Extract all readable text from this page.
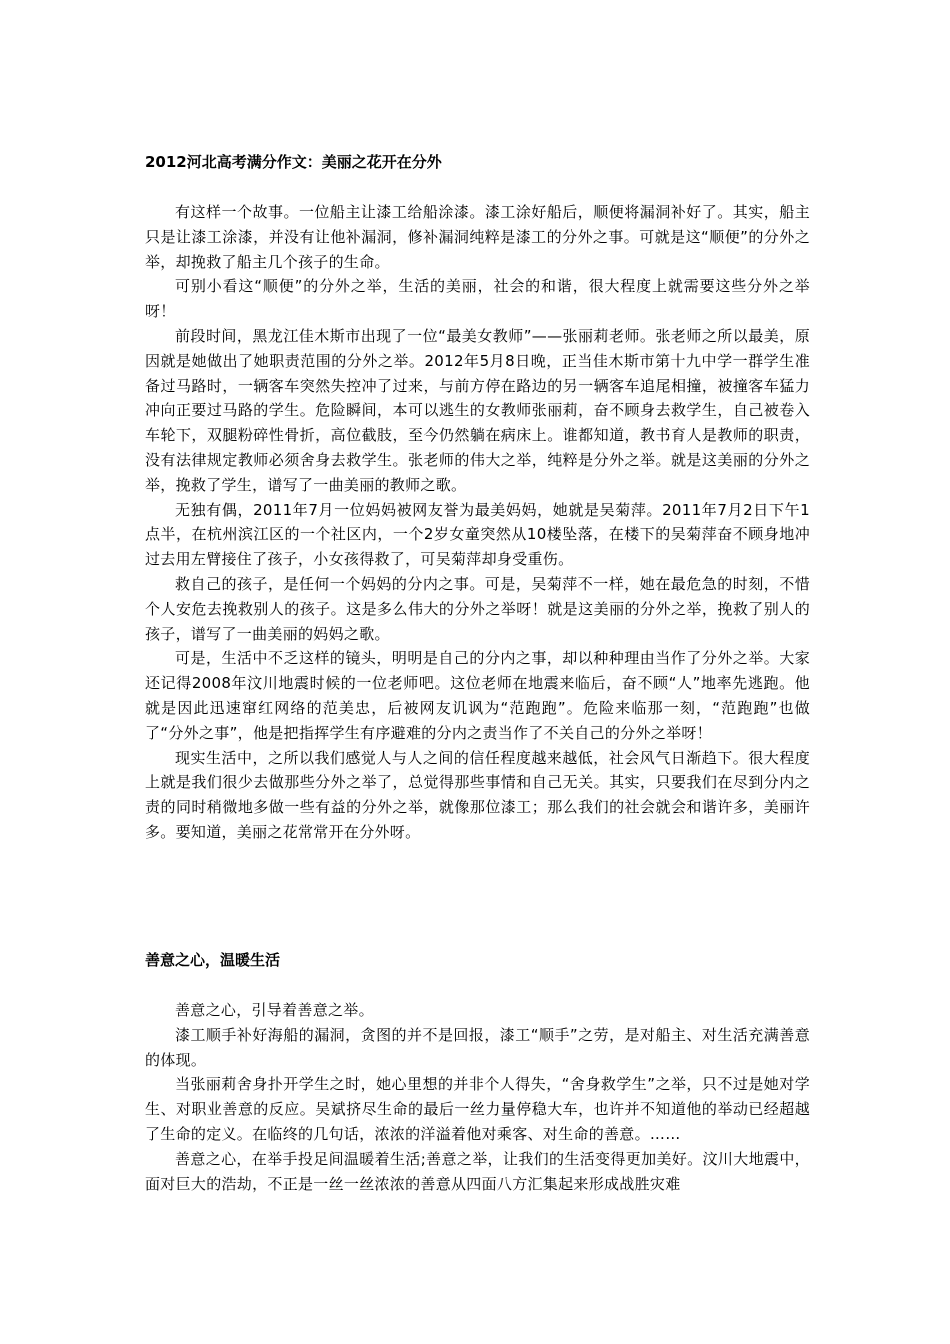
2012河北高考满分作文：美丽之花开在分外

有这样一个故事。一位船主让漆工给船涂漆。漆工涂好船后，顺便将漏洞补好了。其实，船主只是让漆工涂漆，并没有让他补漏洞，修补漏洞纯粹是漆工的分外之事。可就是这“顺便”的分外之举，却挽救了船主几个孩子的生命。

可别小看这“顺便”的分外之举，生活的美丽，社会的和谐，很大程度上就需要这些分外之举呀！

前段时间，黑龙江佳木斯市出现了一位“最美女教师”——张丽莉老师。张老师之所以最美，原因就是她做出了她职责范围的分外之举。2012年5月8日晚，正当佳木斯市第十九中学一群学生准备过马路时，一辆客车突然失控冲了过来，与前方停在路边的另一辆客车追尾相撞，被撞客车猛力冲向正要过马路的学生。危险瞬间，本可以逃生的女教师张丽莉，奋不顾身去救学生，自己被卷入车轮下，双腿粉碎性骨折，高位截肢，至今仍然躺在病床上。谁都知道，教书育人是教师的职责，没有法律规定教师必须舍身去救学生。张老师的伟大之举，纯粹是分外之举。就是这美丽的分外之举，挽救了学生，谱写了一曲美丽的教师之歌。

无独有偶，2011年7月一位妈妈被网友誉为最美妈妈，她就是吴菊萍。2011年7月2日下午1点半，在杭州滨江区的一个社区内，一个2岁女童突然从10楼坠落，在楼下的吴菊萍奋不顾身地冲过去用左臂接住了孩子，小女孩得救了，可吴菊萍却身受重伤。

救自己的孩子，是任何一个妈妈的分内之事。可是，吴菊萍不一样，她在最危急的时刻，不惜个人安危去挽救别人的孩子。这是多么伟大的分外之举呀！就是这美丽的分外之举，挽救了别人的孩子，谱写了一曲美丽的妈妈之歌。

可是，生活中不乏这样的镜头，明明是自己的分内之事，却以种种理由当作了分外之举。大家还记得2008年汶川地震时候的一位老师吧。这位老师在地震来临后，奋不顾“人”地率先逃跑。他就是因此迅速窜红网络的范美忠，后被网友讥讽为“范跑跑”。危险来临那一刻，“范跑跑”也做了“分外之事”，他是把指挥学生有序避难的分内之责当作了不关自己的分外之举呀！

现实生活中，之所以我们感觉人与人之间的信任程度越来越低，社会风气日渐趋下。很大程度上就是我们很少去做那些分外之举了，总觉得那些事情和自己无关。其实，只要我们在尽到分内之责的同时稍微地多做一些有益的分外之举，就像那位漆工；那么我们的社会就会和谐许多，美丽许多。要知道，美丽之花常常开在分外呀。

善意之心，温暖生活

善意之心，引导着善意之举。

漆工顺手补好海船的漏洞，贪图的并不是回报，漆工“顺手”之劳，是对船主、对生活充满善意的体现。

当张丽莉舍身扑开学生之时，她心里想的并非个人得失，“舍身救学生”之举，只不过是她对学生、对职业善意的反应。吴斌挤尽生命的最后一丝力量停稳大车，也许并不知道他的举动已经超越了生命的定义。在临终的几句话，浓浓的洋溢着他对乘客、对生命的善意。……

善意之心，在举手投足间温暖着生活;善意之举，让我们的生活变得更加美好。汶川大地震中，面对巨大的浩劫，不正是一丝一丝浓浓的善意从四面八方汇集起来形成战胜灾难
